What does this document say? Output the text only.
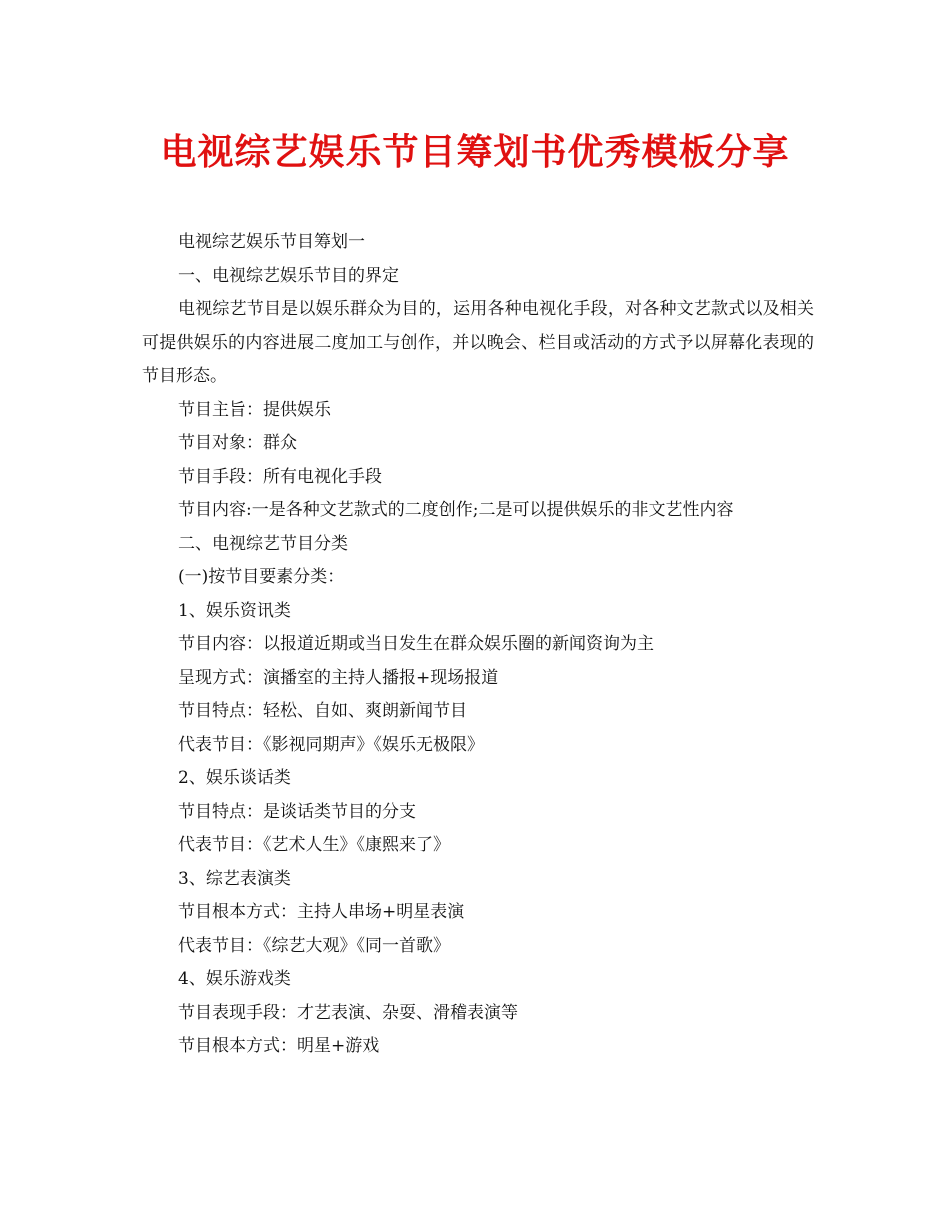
电视综艺娱乐节目筹划书优秀模板分享
电视综艺娱乐节目筹划一
一、电视综艺娱乐节目的界定
电视综艺节目是以娱乐群众为目的，运用各种电视化手段，对各种文艺款式以及相关可提供娱乐的内容进展二度加工与创作，并以晚会、栏目或活动的方式予以屏幕化表现的节目形态。
节目主旨：提供娱乐
节目对象：群众
节目手段：所有电视化手段
节目内容:一是各种文艺款式的二度创作;二是可以提供娱乐的非文艺性内容
二、电视综艺节目分类
(一)按节目要素分类：
1、娱乐资讯类
节目内容：以报道近期或当日发生在群众娱乐圈的新闻资询为主
呈现方式：演播室的主持人播报+现场报道
节目特点：轻松、自如、爽朗新闻节目
代表节目：《影视同期声》《娱乐无极限》
2、娱乐谈话类
节目特点：是谈话类节目的分支
代表节目：《艺术人生》《康熙来了》
3、综艺表演类
节目根本方式：主持人串场+明星表演
代表节目：《综艺大观》《同一首歌》
4、娱乐游戏类
节目表现手段：才艺表演、杂耍、滑稽表演等
节目根本方式：明星+游戏
